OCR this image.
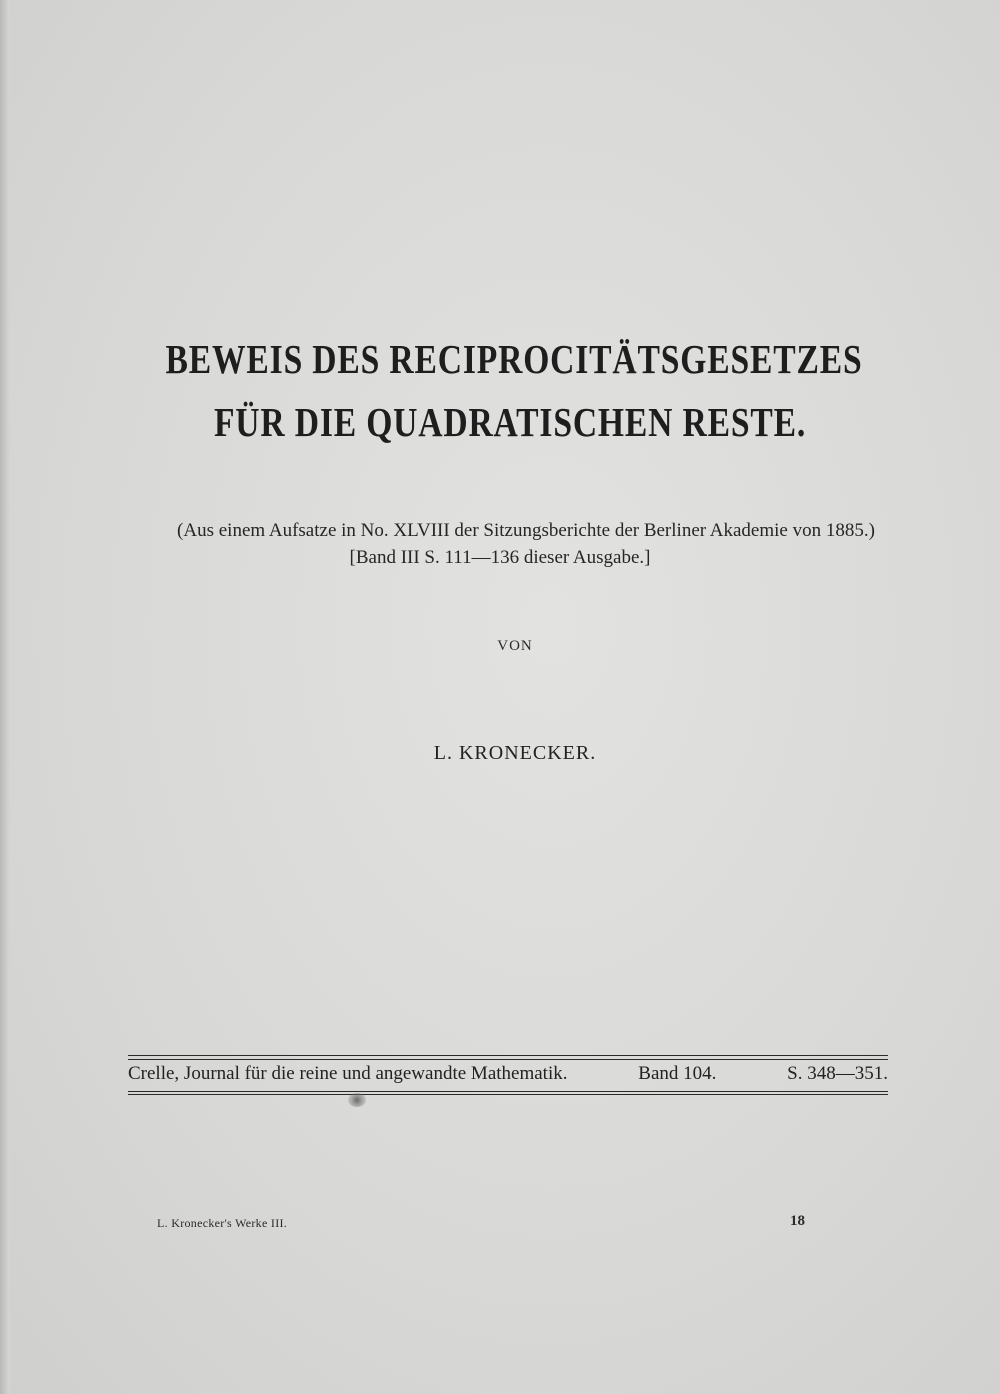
BEWEIS DES RECIPROCITÄTSGESETZES
FÜR DIE QUADRATISCHEN RESTE.
(Aus einem Aufsatze in No. XLVIII der Sitzungsberichte der Berliner Akademie von 1885.)
[Band III S. 111—136 dieser Ausgabe.]
VON
L. KRONECKER.
Crelle, Journal für die reine und angewandte Mathematik.	Band 104.	S. 348—351.
L. Kronecker's Werke III.	18
